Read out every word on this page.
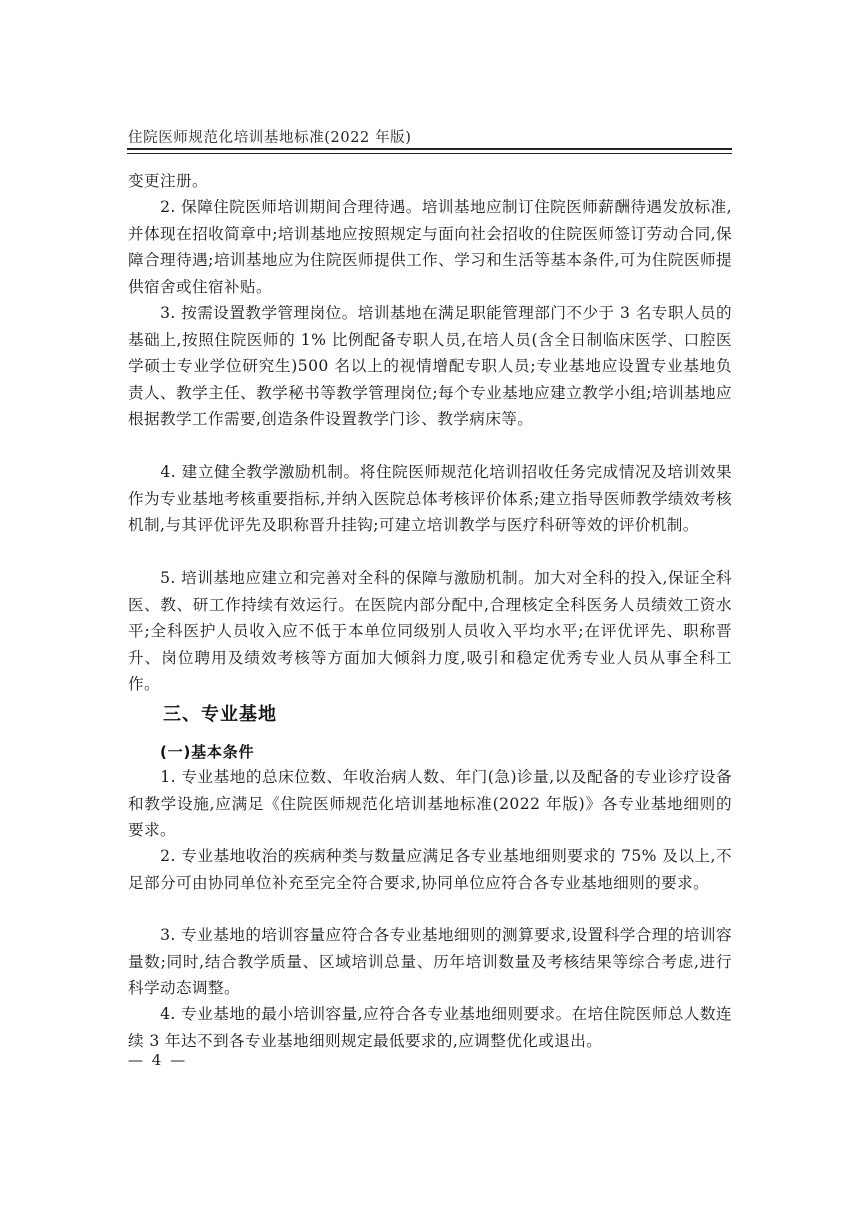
住院医师规范化培训基地标准(2022 年版)
变更注册。
　　2. 保障住院医师培训期间合理待遇。培训基地应制订住院医师薪酬待遇发放标准,并体现在招收简章中;培训基地应按照规定与面向社会招收的住院医师签订劳动合同,保障合理待遇;培训基地应为住院医师提供工作、学习和生活等基本条件,可为住院医师提供宿舍或住宿补贴。
　　3. 按需设置教学管理岗位。培训基地在满足职能管理部门不少于 3 名专职人员的基础上,按照住院医师的 1% 比例配备专职人员,在培人员(含全日制临床医学、口腔医学硕士专业学位研究生)500 名以上的视情增配专职人员;专业基地应设置专业基地负责人、教学主任、教学秘书等教学管理岗位;每个专业基地应建立教学小组;培训基地应根据教学工作需要,创造条件设置教学门诊、教学病床等。
　　4. 建立健全教学激励机制。将住院医师规范化培训招收任务完成情况及培训效果作为专业基地考核重要指标,并纳入医院总体考核评价体系;建立指导医师教学绩效考核机制,与其评优评先及职称晋升挂钩;可建立培训教学与医疗科研等效的评价机制。
　　5. 培训基地应建立和完善对全科的保障与激励机制。加大对全科的投入,保证全科医、教、研工作持续有效运行。在医院内部分配中,合理核定全科医务人员绩效工资水平;全科医护人员收入应不低于本单位同级别人员收入平均水平;在评优评先、职称晋升、岗位聘用及绩效考核等方面加大倾斜力度,吸引和稳定优秀专业人员从事全科工作。
三、专业基地
(一)基本条件
　　1. 专业基地的总床位数、年收治病人数、年门(急)诊量,以及配备的专业诊疗设备和教学设施,应满足《住院医师规范化培训基地标准(2022 年版)》各专业基地细则的要求。
　　2. 专业基地收治的疾病种类与数量应满足各专业基地细则要求的 75% 及以上,不足部分可由协同单位补充至完全符合要求,协同单位应符合各专业基地细则的要求。
　　3. 专业基地的培训容量应符合各专业基地细则的测算要求,设置科学合理的培训容量数;同时,结合教学质量、区域培训总量、历年培训数量及考核结果等综合考虑,进行科学动态调整。
　　4. 专业基地的最小培训容量,应符合各专业基地细则要求。在培住院医师总人数连续 3 年达不到各专业基地细则规定最低要求的,应调整优化或退出。
— 4 —
